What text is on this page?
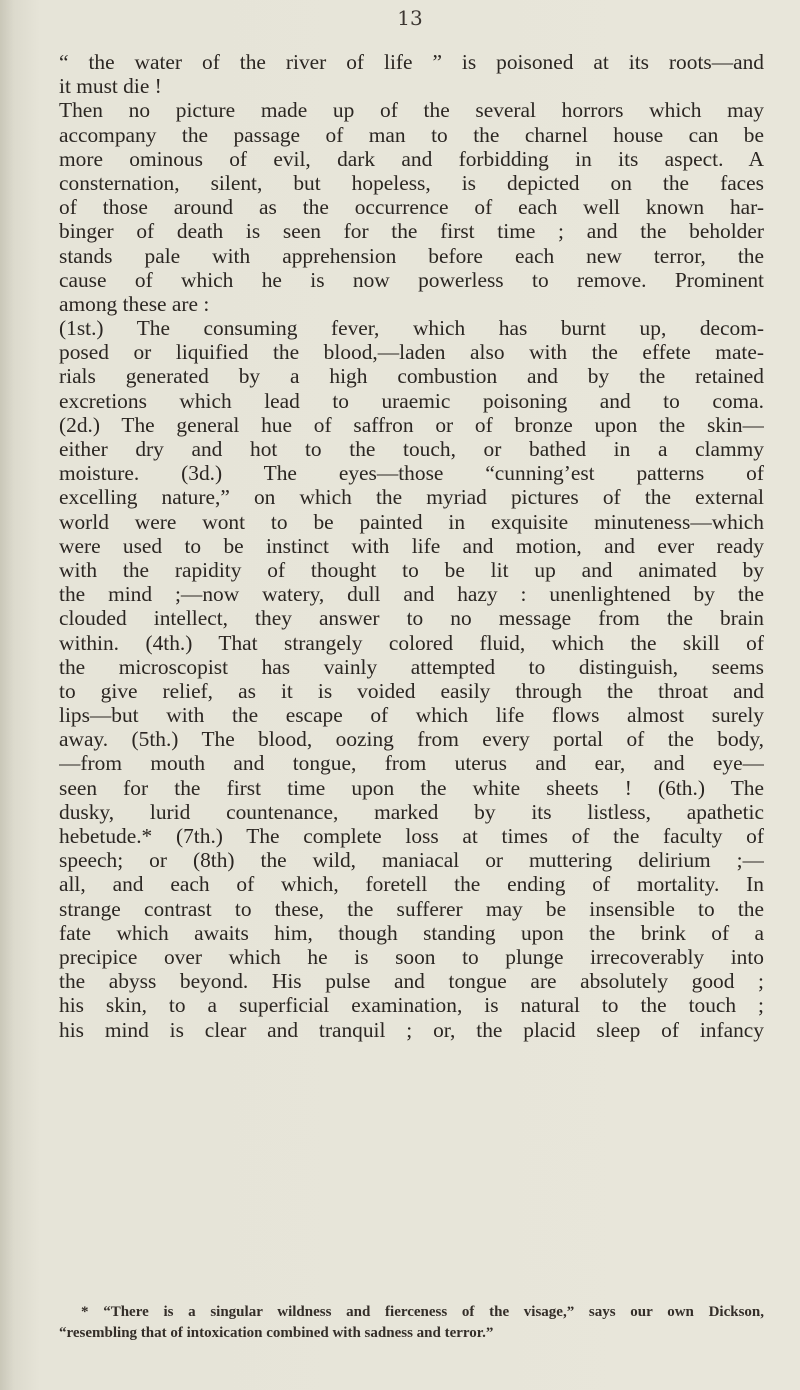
13
“ the water of the river of life ” is poisoned at its roots—and
it must die !
Then no picture made up of the several horrors which may
accompany the passage of man to the charnel house can be
more ominous of evil, dark and forbidding in its aspect. A
consternation, silent, but hopeless, is depicted on the faces
of those around as the occurrence of each well known har-
binger of death is seen for the first time ; and the beholder
stands pale with apprehension before each new terror, the
cause of which he is now powerless to remove. Prominent
among these are :
(1st.) The consuming fever, which has burnt up, decom-
posed or liquified the blood,—laden also with the effete mate-
rials generated by a high combustion and by the retained
excretions which lead to uraemic poisoning and to coma.
(2d.) The general hue of saffron or of bronze upon the skin—
either dry and hot to the touch, or bathed in a clammy
moisture. (3d.) The eyes—those “cunning’est patterns of
excelling nature,” on which the myriad pictures of the external
world were wont to be painted in exquisite minuteness—which
were used to be instinct with life and motion, and ever ready
with the rapidity of thought to be lit up and animated by
the mind ;—now watery, dull and hazy : unenlightened by the
clouded intellect, they answer to no message from the brain
within. (4th.) That strangely colored fluid, which the skill of
the microscopist has vainly attempted to distinguish, seems
to give relief, as it is voided easily through the throat and
lips—but with the escape of which life flows almost surely
away. (5th.) The blood, oozing from every portal of the body,
—from mouth and tongue, from uterus and ear, and eye—
seen for the first time upon the white sheets ! (6th.) The
dusky, lurid countenance, marked by its listless, apathetic
hebetude.* (7th.) The complete loss at times of the faculty of
speech; or (8th) the wild, maniacal or muttering delirium ;—
all, and each of which, foretell the ending of mortality. In
strange contrast to these, the sufferer may be insensible to the
fate which awaits him, though standing upon the brink of a
precipice over which he is soon to plunge irrecoverably into
the abyss beyond. His pulse and tongue are absolutely good ;
his skin, to a superficial examination, is natural to the touch ;
his mind is clear and tranquil ; or, the placid sleep of infancy
* “There is a singular wildness and fierceness of the visage,” says our own Dickson,
“resembling that of intoxication combined with sadness and terror.”
